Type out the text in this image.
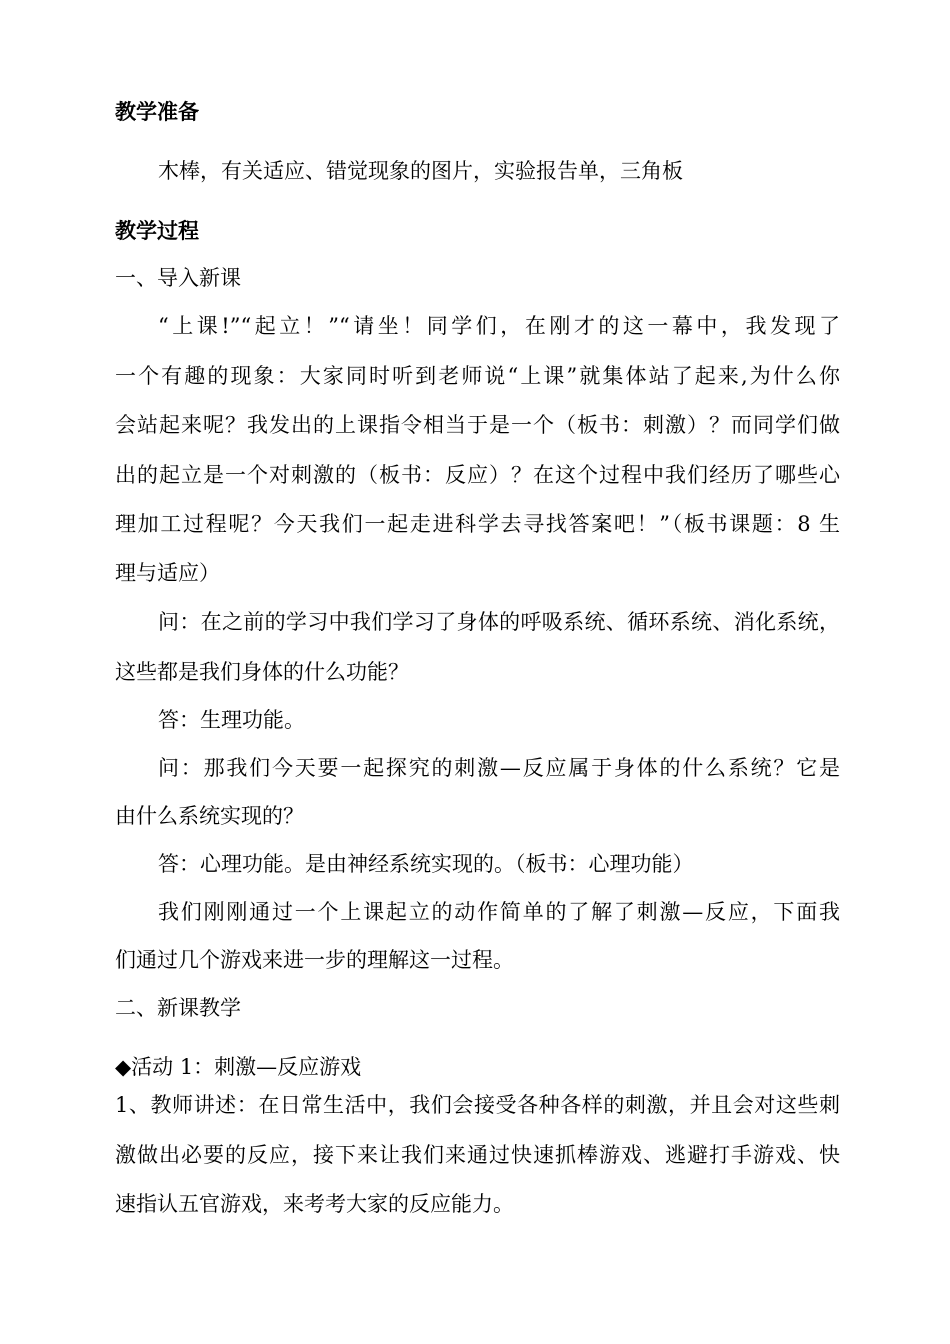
教学准备
木棒，有关适应、错觉现象的图片，实验报告单，三角板
教学过程
一、导入新课
“上课!”“起立！”“请坐！同学们，在刚才的这一幕中，我发现了
一个有趣的现象：大家同时听到老师说“上课”就集体站了起来,为什么你
会站起来呢？我发出的上课指令相当于是一个（板书：刺激）？而同学们做
出的起立是一个对刺激的（板书：反应）？在这个过程中我们经历了哪些心
理加工过程呢？今天我们一起走进科学去寻找答案吧！”（板书课题：8 生
理与适应）
问：在之前的学习中我们学习了身体的呼吸系统、循环系统、消化系统，
这些都是我们身体的什么功能？
答：生理功能。
问：那我们今天要一起探究的刺激—反应属于身体的什么系统？它是
由什么系统实现的？
答：心理功能。是由神经系统实现的。（板书：心理功能）
我们刚刚通过一个上课起立的动作简单的了解了刺激—反应，下面我
们通过几个游戏来进一步的理解这一过程。
二、新课教学
◆活动 1：刺激—反应游戏
1、教师讲述：在日常生活中，我们会接受各种各样的刺激，并且会对这些刺
激做出必要的反应，接下来让我们来通过快速抓棒游戏、逃避打手游戏、快
速指认五官游戏，来考考大家的反应能力。
